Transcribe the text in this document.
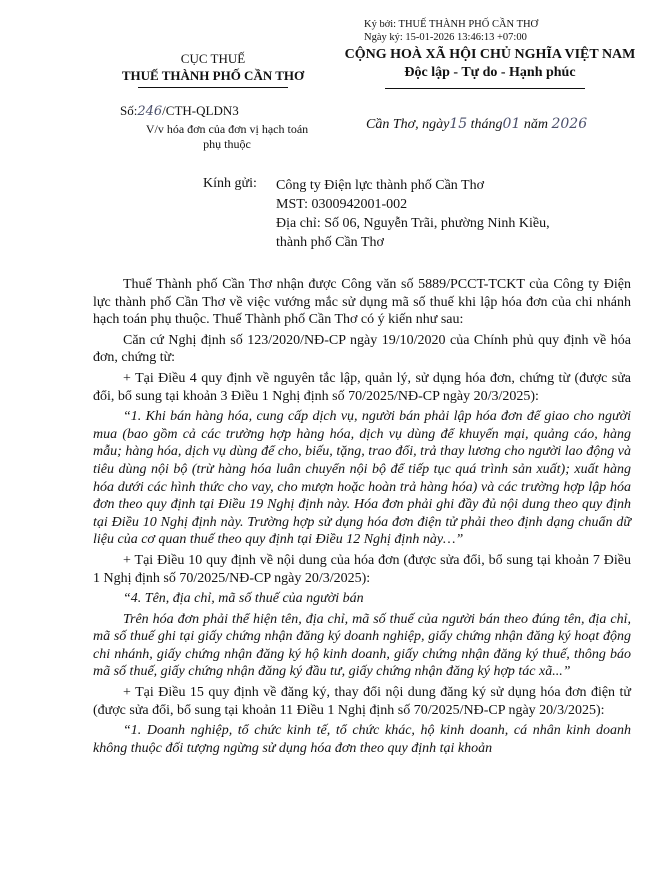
Ký bởi: THUẾ THÀNH PHỐ CẦN THƠ
Ngày ký: 15-01-2026 13:46:13 +07:00
CỤC THUẾ
THUẾ THÀNH PHỐ CẦN THƠ
CỘNG HOÀ XÃ HỘI CHỦ NGHĨA VIỆT NAM
Độc lập - Tự do - Hạnh phúc
Số:246/CTH-QLDN3
V/v hóa đơn của đơn vị hạch toán
phụ thuộc
Cần Thơ, ngày15 tháng01 năm 2026
Kính gửi: Công ty Điện lực thành phố Cần Thơ
MST: 0300942001-002
Địa chỉ: Số 06, Nguyễn Trãi, phường Ninh Kiều,
thành phố Cần Thơ

Thuế Thành phố Cần Thơ nhận được Công văn số 5889/PCCT-TCKT của Công ty Điện lực thành phố Cần Thơ về việc vướng mắc sử dụng mã số thuế khi lập hóa đơn của chi nhánh hạch toán phụ thuộc. Thuế Thành phố Cần Thơ có ý kiến như sau:

Căn cứ Nghị định số 123/2020/NĐ-CP ngày 19/10/2020 của Chính phủ quy định về hóa đơn, chứng từ:

+ Tại Điều 4 quy định về nguyên tắc lập, quản lý, sử dụng hóa đơn, chứng từ (được sửa đổi, bổ sung tại khoản 3 Điều 1 Nghị định số 70/2025/NĐ-CP ngày 20/3/2025):

“1. Khi bán hàng hóa, cung cấp dịch vụ, người bán phải lập hóa đơn để giao cho người mua (bao gồm cả các trường hợp hàng hóa, dịch vụ dùng để khuyến mại, quảng cáo, hàng mẫu; hàng hóa, dịch vụ dùng để cho, biếu, tặng, trao đổi, trả thay lương cho người lao động và tiêu dùng nội bộ (trừ hàng hóa luân chuyển nội bộ để tiếp tục quá trình sản xuất); xuất hàng hóa dưới các hình thức cho vay, cho mượn hoặc hoàn trả hàng hóa) và các trường hợp lập hóa đơn theo quy định tại Điều 19 Nghị định này. Hóa đơn phải ghi đầy đủ nội dung theo quy định tại Điều 10 Nghị định này. Trường hợp sử dụng hóa đơn điện tử phải theo định dạng chuẩn dữ liệu của cơ quan thuế theo quy định tại Điều 12 Nghị định này…”

+ Tại Điều 10 quy định về nội dung của hóa đơn (được sửa đổi, bổ sung tại khoản 7 Điều 1 Nghị định số 70/2025/NĐ-CP ngày 20/3/2025):

“4. Tên, địa chỉ, mã số thuế của người bán

Trên hóa đơn phải thể hiện tên, địa chỉ, mã số thuế của người bán theo đúng tên, địa chỉ, mã số thuế ghi tại giấy chứng nhận đăng ký doanh nghiệp, giấy chứng nhận đăng ký hoạt động chi nhánh, giấy chứng nhận đăng ký hộ kinh doanh, giấy chứng nhận đăng ký thuế, thông báo mã số thuế, giấy chứng nhận đăng ký đầu tư, giấy chứng nhận đăng ký hợp tác xã...”

+ Tại Điều 15 quy định về đăng ký, thay đổi nội dung đăng ký sử dụng hóa đơn điện tử (được sửa đổi, bổ sung tại khoản 11 Điều 1 Nghị định số 70/2025/NĐ-CP ngày 20/3/2025):

“1. Doanh nghiệp, tổ chức kinh tế, tổ chức khác, hộ kinh doanh, cá nhân kinh doanh không thuộc đối tượng ngừng sử dụng hóa đơn theo quy định tại khoản
